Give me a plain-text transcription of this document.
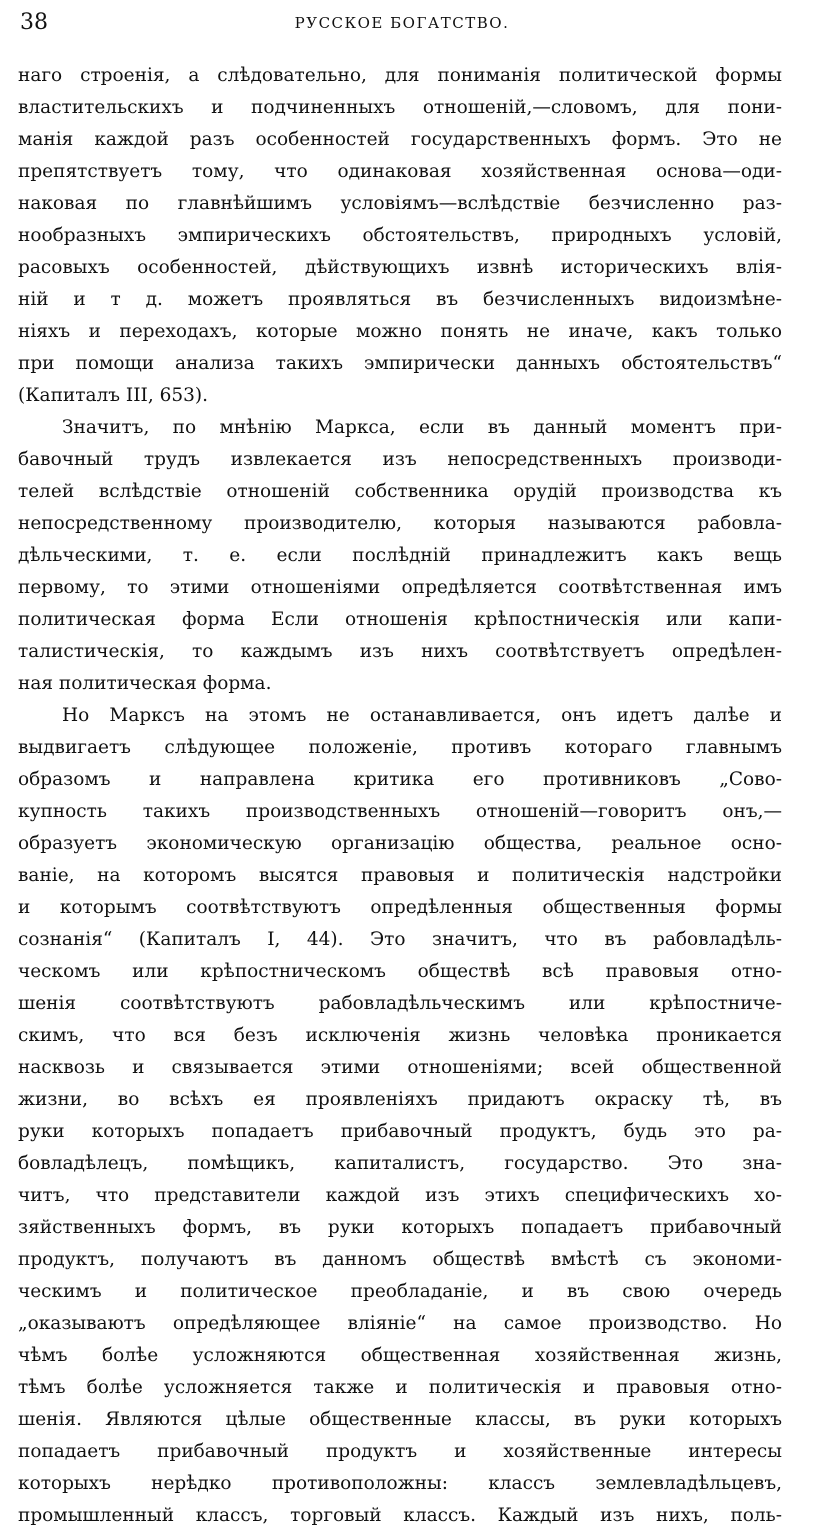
38	РУССКОЕ БОГАТСТВО.
наго строенія, а слѣдовательно, для пониманія политической формы
властительскихъ и подчиненныхъ отношеній,—словомъ, для пони-
манія каждой разъ особенностей государственныхъ формъ. Это не
препятствуетъ тому, что одинаковая хозяйственная основа—оди-
наковая по главнѣйшимъ условіямъ—вслѣдствіе безчисленно раз-
нообразныхъ эмпирическихъ обстоятельствъ, природныхъ условій,
расовыхъ особенностей, дѣйствующихъ извнѣ историческихъ влія-
ній и т д. можетъ проявляться въ безчисленныхъ видоизмѣне-
ніяхъ и переходахъ, которые можно понять не иначе, какъ только
при помощи анализа такихъ эмпирически данныхъ обстоятельствъ“
(Капиталъ III, 653).
Значитъ, по мнѣнію Маркса, если въ данный моментъ при-
бавочный трудъ извлекается изъ непосредственныхъ производи-
телей вслѣдствіе отношеній собственника орудій производства къ
непосредственному производителю, которыя называются рабовла-
дѣльческими, т. е. если послѣдній принадлежитъ какъ вещь
первому, то этими отношеніями опредѣляется соотвѣтственная имъ
политическая форма Если отношенія крѣпостническія или капи-
талистическія, то каждымъ изъ нихъ соотвѣтствуетъ опредѣлен-
ная политическая форма.
Но Марксъ на этомъ не останавливается, онъ идетъ далѣе и
выдвигаетъ слѣдующее положеніе, противъ котораго главнымъ
образомъ и направлена критика его противниковъ „Сово-
купность такихъ производственныхъ отношеній—говоритъ онъ,—
образуетъ экономическую организацію общества, реальное осно-
ваніе, на которомъ высятся правовыя и политическія надстройки
и которымъ соотвѣтствуютъ опредѣленныя общественныя формы
сознанія“ (Капиталъ I, 44). Это значитъ, что въ рабовладѣль-
ческомъ или крѣпостническомъ обществѣ всѣ правовыя отно-
шенія соотвѣтствуютъ рабовладѣльческимъ или крѣпостниче-
скимъ, что вся безъ исключенія жизнь человѣка проникается
насквозь и связывается этими отношеніями; всей общественной
жизни, во всѣхъ ея проявленіяхъ придаютъ окраску тѣ, въ
руки которыхъ попадаетъ прибавочный продуктъ, будь это ра-
бовладѣлецъ, помѣщикъ, капиталистъ, государство. Это зна-
читъ, что представители каждой изъ этихъ специфическихъ хо-
зяйственныхъ формъ, въ руки которыхъ попадаетъ прибавочный
продуктъ, получаютъ въ данномъ обществѣ вмѣстѣ съ экономи-
ческимъ и политическое преобладаніе, и въ свою очередь
„оказываютъ опредѣляющее вліяніе“ на самое производство. Но
чѣмъ болѣе усложняются общественная хозяйственная жизнь,
тѣмъ болѣе усложняется также и политическія и правовыя отно-
шенія. Являются цѣлые общественные классы, въ руки которыхъ
попадаетъ прибавочный продуктъ и хозяйственные интересы
которыхъ нерѣдко противоположны: классъ землевладѣльцевъ,
промышленный классъ, торговый классъ. Каждый изъ нихъ, поль-
